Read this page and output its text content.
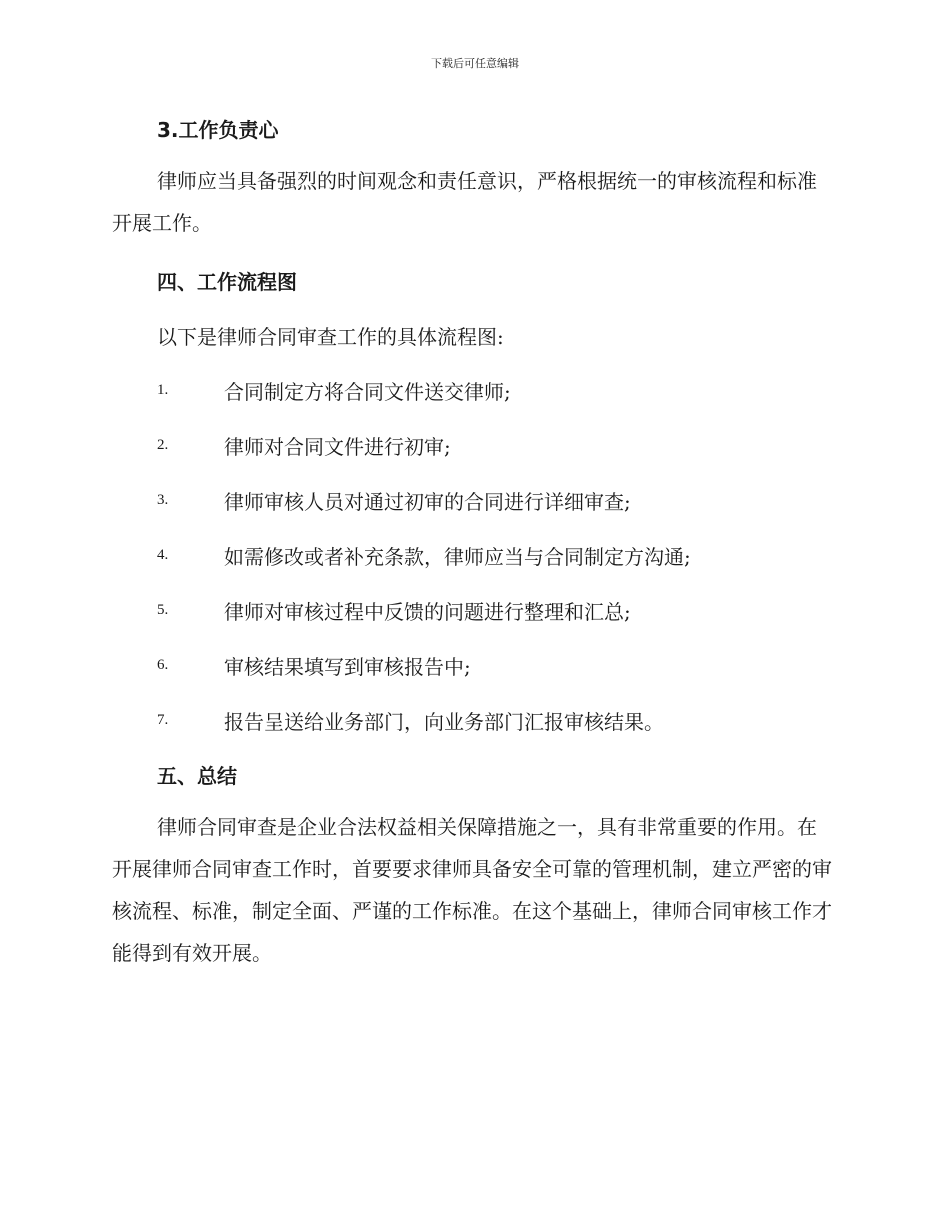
下载后可任意编辑
3.工作负责心

律师应当具备强烈的时间观念和责任意识，严格根据统一的审核流程和标准开展工作。

四、工作流程图
以下是律师合同审查工作的具体流程图:
1.	合同制定方将合同文件送交律师;
2.	律师对合同文件进行初审;
3.	律师审核人员对通过初审的合同进行详细审查;
4.	如需修改或者补充条款，律师应当与合同制定方沟通;
5.	律师对审核过程中反馈的问题进行整理和汇总;
6.	审核结果填写到审核报告中;
7.	报告呈送给业务部门，向业务部门汇报审核结果。
五、总结

律师合同审查是企业合法权益相关保障措施之一，具有非常重要的作用。在开展律师合同审查工作时，首要要求律师具备安全可靠的管理机制，建立严密的审核流程、标准，制定全面、严谨的工作标准。在这个基础上，律师合同审核工作才能得到有效开展。
